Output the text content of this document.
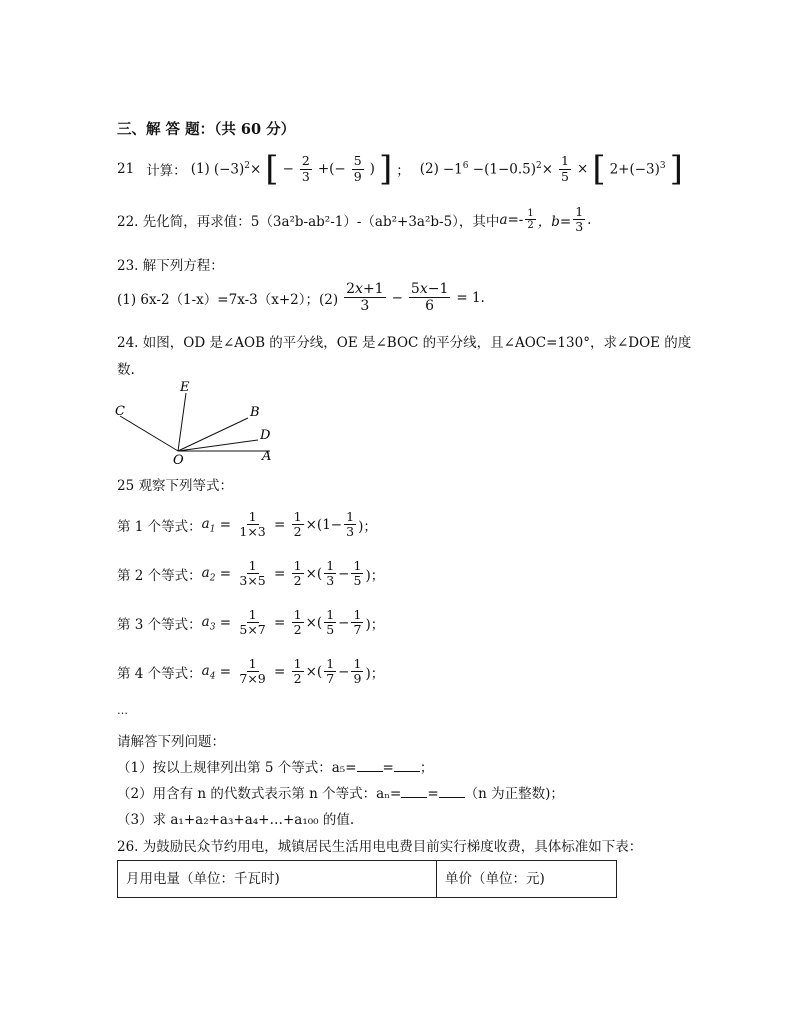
三、解 答 题：（共 60 分）
21 计算： (1) $(-3)^2\times$ [ − $\frac{2}{3}$ +(− $\frac{5}{9}$ ) ] ； $(2) -1^6 -(1-0.5)^2\times \frac{1}{5}$ × [ $2+(-3)^3$ ]
22. 先化简，再求值：5（3a²b-ab²-1）-（ab²+3a²b-5），其中 $a=- \frac{1}{2}$ ，$b= \frac{1}{3}$ .
23. 解下列方程：
(1) 6x-2（1-x）=7x-3（x+2）；$(2) \frac{2x+1}{3} - \frac{5x-1}{6} = 1$.
24. 如图，OD 是∠AOB 的平分线，OE 是∠BOC 的平分线，且∠AOC=130°，求∠DOE 的度
数.
E
C	B
D
O	A
25 观察下列等式：
第 1 个等式： $a_1 = \frac{1}{1\times 3} = \frac{1}{2} \times(1- \frac{1}{3}$ )；
第 2 个等式： $a_2 = \frac{1}{3\times 5} = \frac{1}{2}$ ×( $\frac{1}{3} - \frac{1}{5}$ )；
第 3 个等式： $a_3 = \frac{1}{5\times 7} = \frac{1}{2}$ ×( $\frac{1}{5} - \frac{1}{7}$ )；
第 4 个等式： $a_4 = \frac{1}{7\times 9} = \frac{1}{2}$ ×( $\frac{1}{7} - \frac{1}{9}$ )；
…
请解答下列问题：
（1）按以上规律列出第 5 个等式：a₅= = ；
（2）用含有 n 的代数式表示第 n 个等式：aₙ= = （n 为正整数)；
（3）求 a₁+a₂+a₃+a₄+…+a₁₀₀ 的值.
26. 为鼓励民众节约用电，城镇居民生活用电电费目前实行梯度收费，具体标准如下表：
月用电量（单位：千瓦时)	单价（单位：元)
